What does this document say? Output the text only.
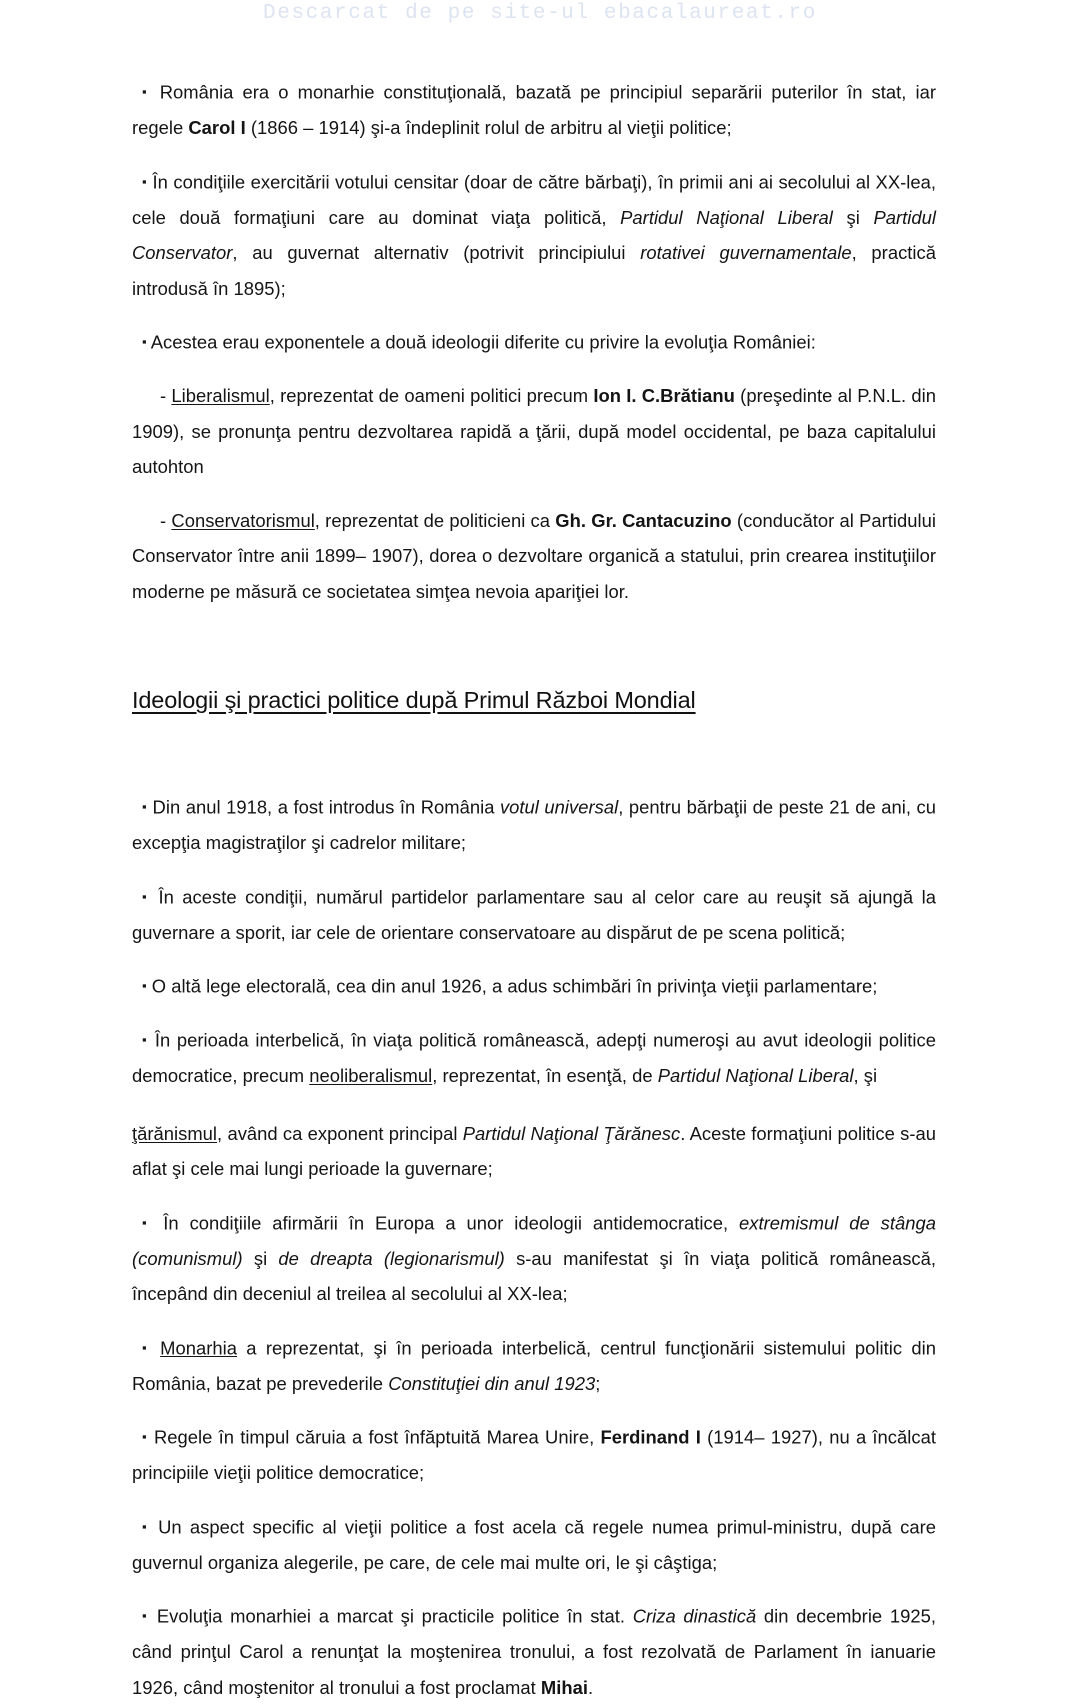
Descarcat de pe site-ul ebacalaureat.ro

▪ România era o monarhie constituţională, bazată pe principiul separării puterilor în stat, iar regele Carol I (1866 – 1914) şi-a îndeplinit rolul de arbitru al vieţii politice;

▪ În condiţiile exercitării votului censitar (doar de către bărbaţi), în primii ani ai secolului al XX-lea, cele două formaţiuni care au dominat viaţa politică, Partidul Naţional Liberal şi Partidul Conservator, au guvernat alternativ (potrivit principiului rotativei guvernamentale, practică introdusă în 1895);

▪ Acestea erau exponentele a două ideologii diferite cu privire la evoluţia României:

- Liberalismul, reprezentat de oameni politici precum Ion I. C.Brătianu (preşedinte al P.N.L. din 1909), se pronunţa pentru dezvoltarea rapidă a ţării, după model occidental, pe baza capitalului autohton

- Conservatorismul, reprezentat de politicieni ca Gh. Gr. Cantacuzino (conducător al Partidului Conservator între anii 1899– 1907), dorea o dezvoltare organică a statului, prin crearea instituţiilor moderne pe măsură ce societatea simţea nevoia apariţiei lor.

Ideologii şi practici politice după Primul Război Mondial

▪ Din anul 1918, a fost introdus în România votul universal, pentru bărbaţii de peste 21 de ani, cu excepţia magistraţilor şi cadrelor militare;

▪ În aceste condiţii, numărul partidelor parlamentare sau al celor care au reuşit să ajungă la guvernare a sporit, iar cele de orientare conservatoare au dispărut de pe scena politică;

▪ O altă lege electorală, cea din anul 1926, a adus schimbări în privinţa vieţii parlamentare;

▪ În perioada interbelică, în viaţa politică românească, adepţi numeroşi au avut ideologii politice democratice, precum neoliberalismul, reprezentat, în esenţă, de Partidul Naţional Liberal, şi

ţărănismul, având ca exponent principal Partidul Naţional Ţărănesc. Aceste formaţiuni politice s-au aflat şi cele mai lungi perioade la guvernare;

▪ În condiţiile afirmării în Europa a unor ideologii antidemocratice, extremismul de stânga (comunismul) şi de dreapta (legionarismul) s-au manifestat şi în viaţa politică românească, începând din deceniul al treilea al secolului al XX-lea;

▪ Monarhia a reprezentat, şi în perioada interbelică, centrul funcţionării sistemului politic din România, bazat pe prevederile Constituţiei din anul 1923;

▪ Regele în timpul căruia a fost înfăptuită Marea Unire, Ferdinand I (1914– 1927), nu a încălcat principiile vieţii politice democratice;

▪ Un aspect specific al vieţii politice a fost acela că regele numea primul-ministru, după care guvernul organiza alegerile, pe care, de cele mai multe ori, le şi câştiga;

▪ Evoluţia monarhiei a marcat şi practicile politice în stat. Criza dinastică din decembrie 1925, când prinţul Carol a renunţat la moştenirea tronului, a fost rezolvată de Parlament în ianuarie 1926, când moştenitor al tronului a fost proclamat Mihai.
